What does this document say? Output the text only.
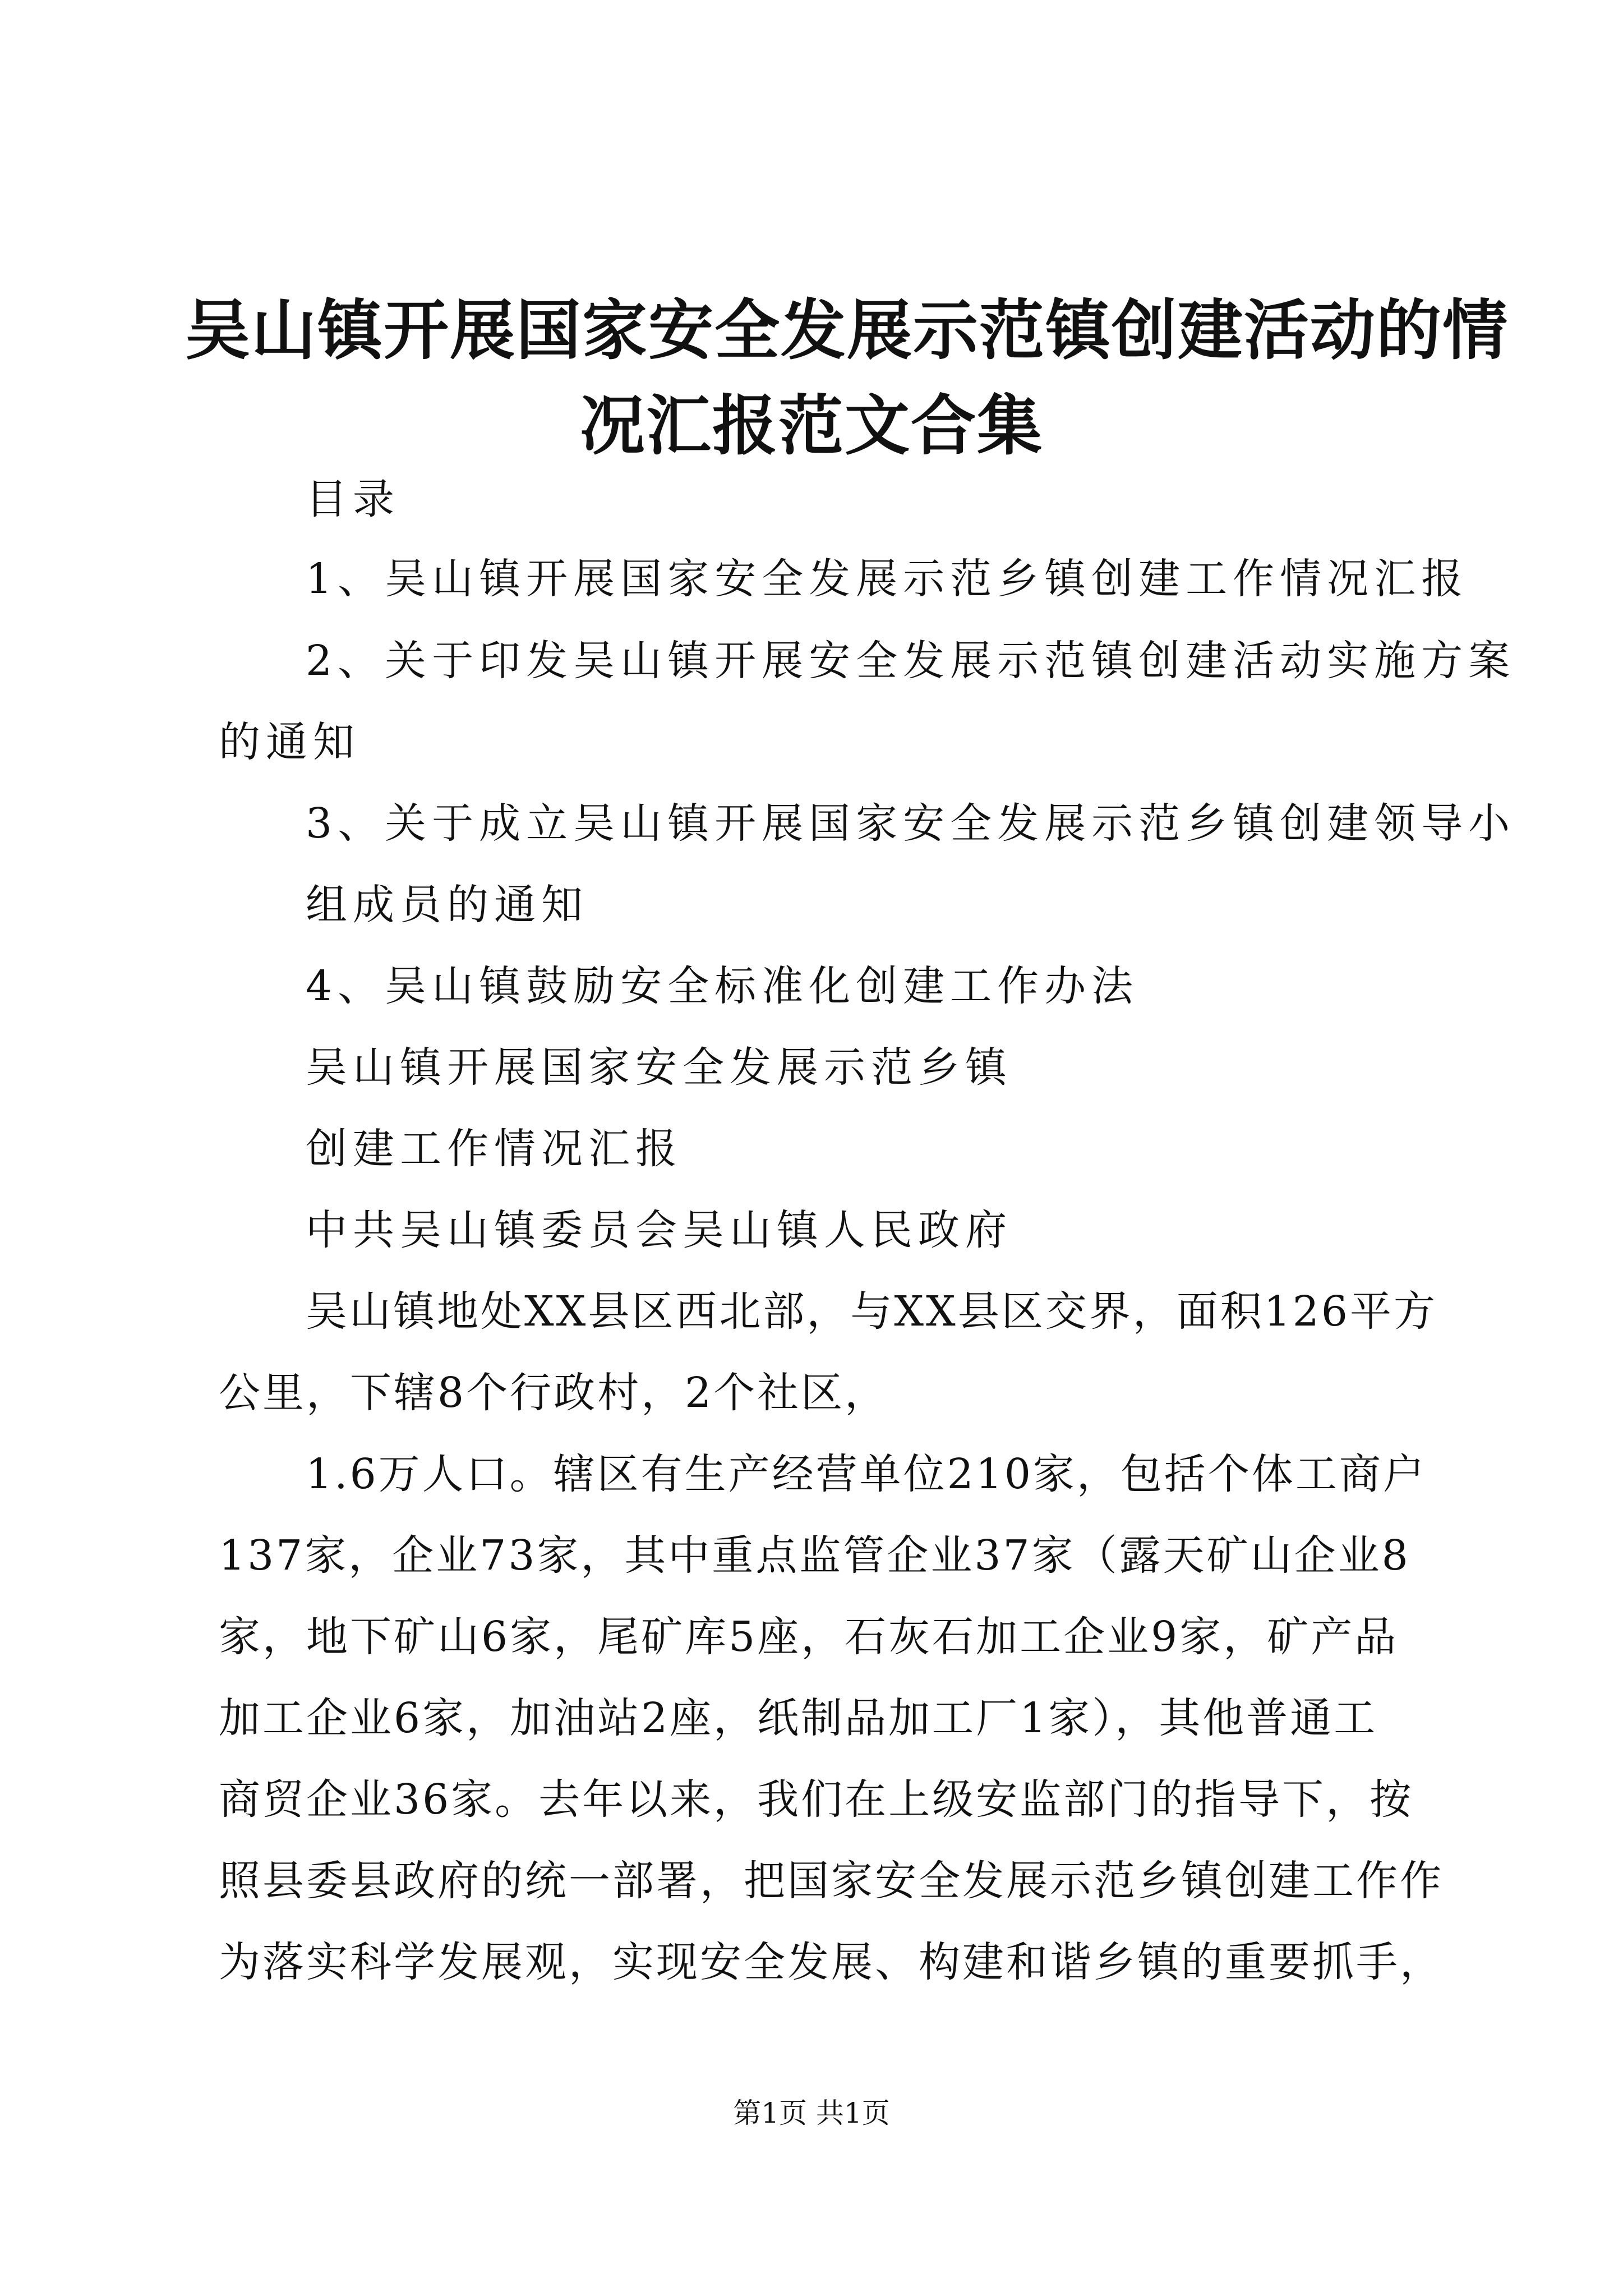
吴山镇开展国家安全发展示范镇创建活动的情
况汇报范文合集
目录
1、吴山镇开展国家安全发展示范乡镇创建工作情况汇报
2、关于印发吴山镇开展安全发展示范镇创建活动实施方案
的通知
3、关于成立吴山镇开展国家安全发展示范乡镇创建领导小
组成员的通知
4、吴山镇鼓励安全标准化创建工作办法
吴山镇开展国家安全发展示范乡镇
创建工作情况汇报
中共吴山镇委员会吴山镇人民政府
吴山镇地处XX县区西北部，与XX县区交界，面积126平方
公里，下辖8个行政村，2个社区，
1.6万人口。辖区有生产经营单位210家，包括个体工商户
137家，企业73家，其中重点监管企业37家（露天矿山企业8
家，地下矿山6家，尾矿库5座，石灰石加工企业9家，矿产品
加工企业6家，加油站2座，纸制品加工厂1家），其他普通工
商贸企业36家。去年以来，我们在上级安监部门的指导下，按
照县委县政府的统一部署，把国家安全发展示范乡镇创建工作作
为落实科学发展观，实现安全发展、构建和谐乡镇的重要抓手，
第1页 共1页
